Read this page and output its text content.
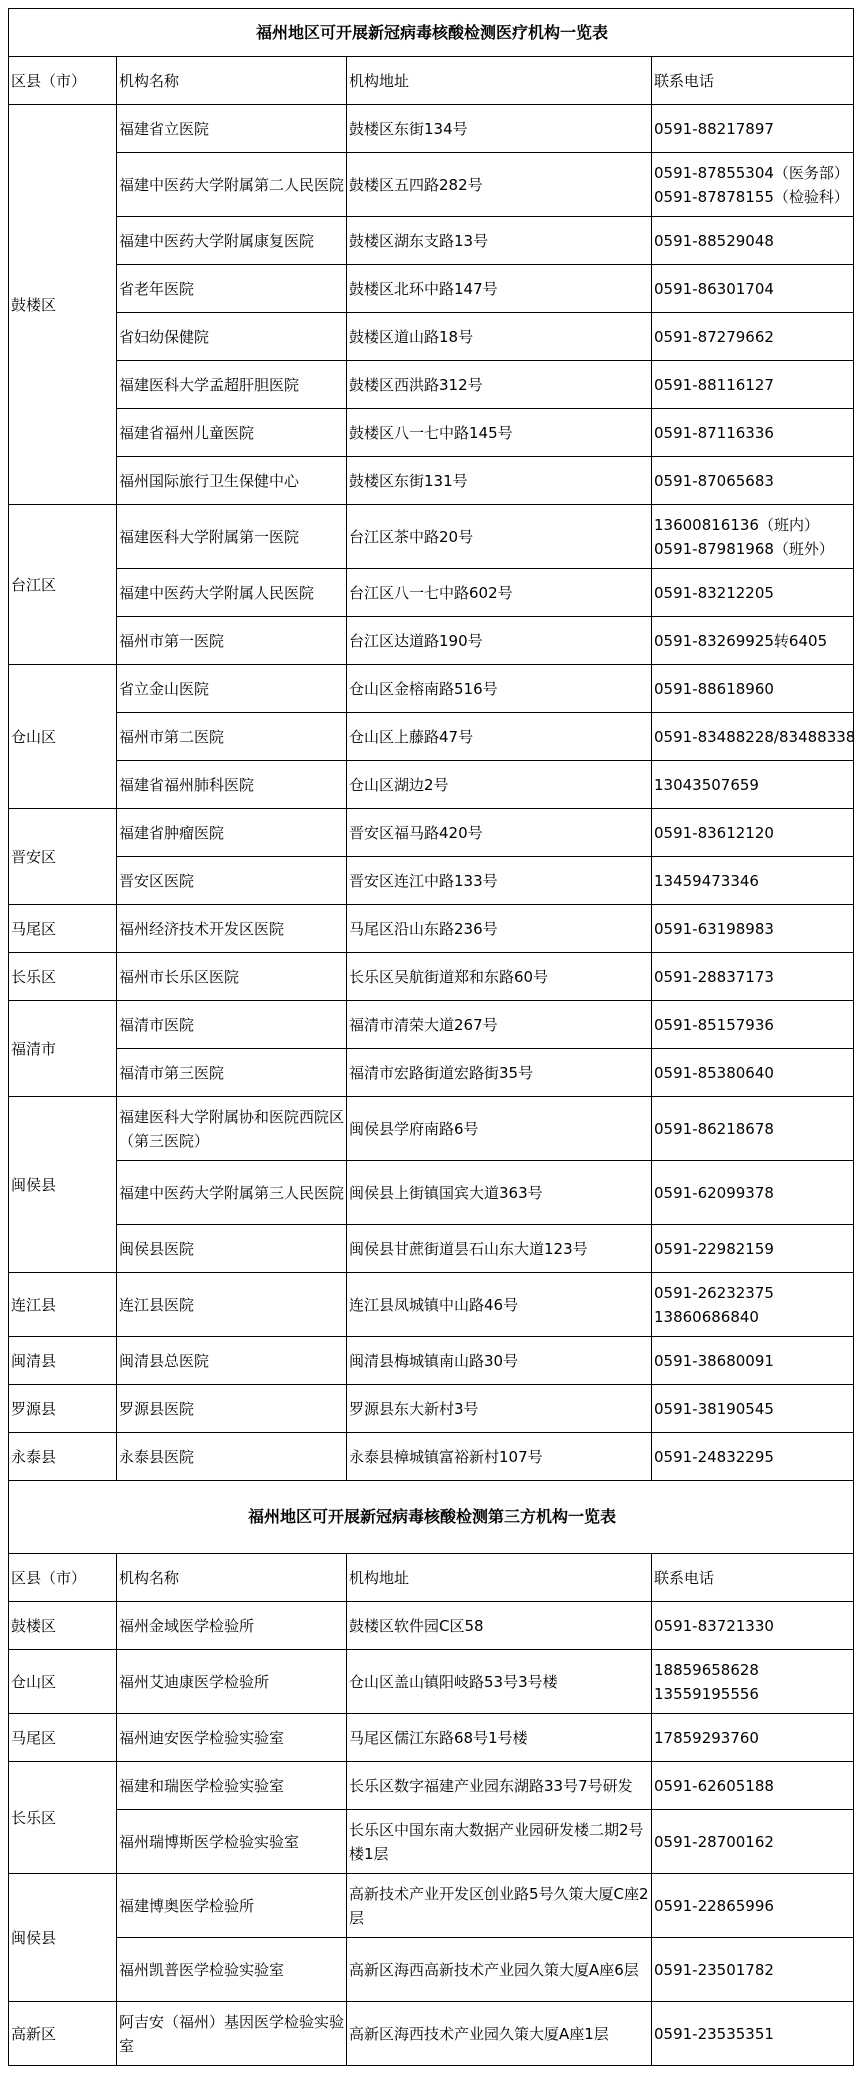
福州地区可开展新冠病毒核酸检测医疗机构一览表			
区县（市）	机构名称	机构地址	联系电话
鼓楼区	福建省立医院	鼓楼区东街134号	0591-88217897

	福建中医药大学附属第二人民医院	鼓楼区五四路282号	0591-87855304（医务部）
0591-87878155（检验科）

	福建中医药大学附属康复医院	鼓楼区湖东支路13号	0591-88529048

	省老年医院	鼓楼区北环中路147号	0591-86301704

	省妇幼保健院	鼓楼区道山路18号	0591-87279662

	福建医科大学孟超肝胆医院	鼓楼区西洪路312号	0591-88116127

	福建省福州儿童医院	鼓楼区八一七中路145号	0591-87116336

	福州国际旅行卫生保健中心	鼓楼区东街131号	0591-87065683

台江区	福建医科大学附属第一医院	台江区茶中路20号	13600816136（班内）
0591-87981968（班外）

	福建中医药大学附属人民医院	台江区八一七中路602号	0591-83212205

	福州市第一医院	台江区达道路190号	0591-83269925转6405

仓山区	省立金山医院	仓山区金榕南路516号	0591-88618960

	福州市第二医院	仓山区上藤路47号	0591-83488228/83488338

	福建省福州肺科医院	仓山区湖边2号	13043507659

晋安区	福建省肿瘤医院	晋安区福马路420号	0591-83612120

	晋安区医院	晋安区连江中路133号	13459473346

马尾区	福州经济技术开发区医院	马尾区沿山东路236号	0591-63198983

长乐区	福州市长乐区医院	长乐区吴航街道郑和东路60号	0591-28837173

福清市	福清市医院	福清市清荣大道267号	0591-85157936

	福清市第三医院	福清市宏路街道宏路街35号	0591-85380640

闽侯县	福建医科大学附属协和医院西院区（第三医院）	闽侯县学府南路6号	0591-86218678

	福建中医药大学附属第三人民医院	闽侯县上街镇国宾大道363号	0591-62099378

	闽侯县医院	闽侯县甘蔗街道昙石山东大道123号	0591-22982159

连江县	连江县医院	连江县凤城镇中山路46号	0591-26232375
13860686840

闽清县	闽清县总医院	闽清县梅城镇南山路30号	0591-38680091

罗源县	罗源县医院	罗源县东大新村3号	0591-38190545

永泰县	永泰县医院	永泰县樟城镇富裕新村107号	0591-24832295

福州地区可开展新冠病毒核酸检测第三方机构一览表			
区县（市）	机构名称	机构地址	联系电话
鼓楼区	福州金域医学检验所	鼓楼区软件园C区58	0591-83721330

仓山区	福州艾迪康医学检验所	仓山区盖山镇阳岐路53号3号楼	18859658628
13559195556

马尾区	福州迪安医学检验实验室	马尾区儒江东路68号1号楼	17859293760

长乐区	福建和瑞医学检验实验室	长乐区数字福建产业园东湖路33号7号研发	0591-62605188

	福州瑞博斯医学检验实验室	长乐区中国东南大数据产业园研发楼二期2号楼1层	0591-28700162

闽侯县	福建博奥医学检验所	高新技术产业开发区创业路5号久策大厦C座2层	0591-22865996

	福州凯普医学检验实验室	高新区海西高新技术产业园久策大厦A座6层	0591-23501782

高新区	阿吉安（福州）基因医学检验实验室	高新区海西技术产业园久策大厦A座1层	0591-23535351
